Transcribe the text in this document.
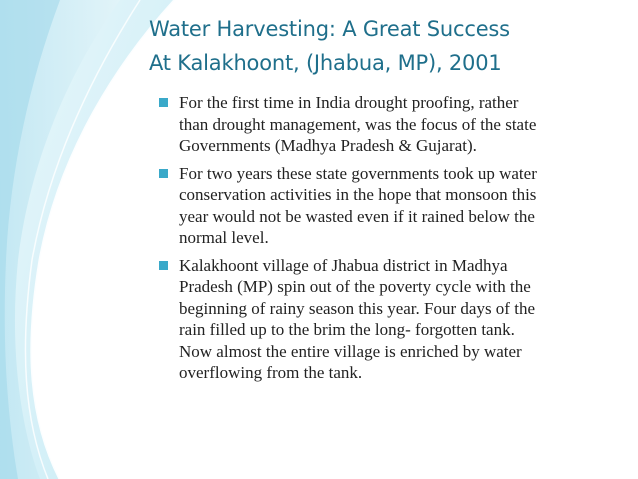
Water Harvesting: A Great Success
At Kalakhoont, (Jhabua, MP), 2001
For the first time in India drought proofing, rather
than drought management, was the focus of the state
Governments (Madhya Pradesh & Gujarat).
For two years these state governments took up water
conservation activities in the hope that monsoon this
year would not be wasted even if it rained below the
normal level.
Kalakhoont village of Jhabua district in Madhya
Pradesh (MP) spin out of the poverty cycle with the
beginning of rainy season this year. Four days of the
rain filled up to the brim the long- forgotten tank.
Now almost the entire village is enriched by water
overflowing from the tank.
